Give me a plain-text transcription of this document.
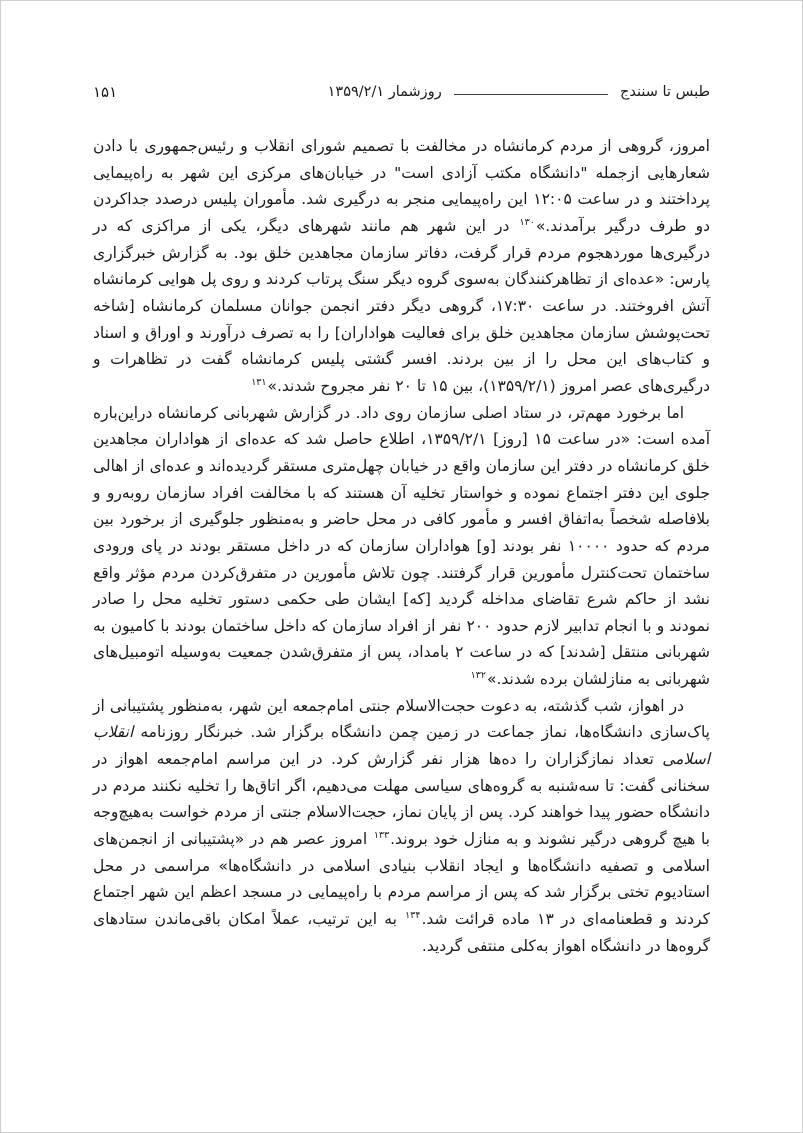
طبس تا سنندج
روزشمار ۱۳۵۹/۲/۱
۱۵۱

امروز، گروهی از مردم کرمانشاه در مخالفت با تصمیم شورای انقلاب و رئیس‌جمهوری با دادن شعارهایی ازجمله "دانشگاه مکتب آزادی است" در خیابان‌های مرکزی این شهر به راه‌پیمایی پرداختند و در ساعت ۱۲:۰۵ این راه‌پیمایی منجر به درگیری شد. مأموران پلیس درصدد جداکردن دو طرف درگیر برآمدند.»$^{۱۳۰}$ در این شهر هم مانند شهرهای دیگر، یکی از مراکزی که در درگیری‌ها موردهجوم مردم قرار گرفت، دفاتر سازمان مجاهدین خلق بود. به گزارش خبرگزاری پارس: «عده‌ای از تظاهرکنندگان به‌سوی گروه دیگر سنگ پرتاب کردند و روی پل هوایی کرمانشاه آتش افروختند. در ساعت ۱۷:۳۰، گروهی دیگر دفتر انجمن جوانان مسلمان کرمانشاه [شاخه تحت‌پوشش سازمان مجاهدین خلق برای فعالیت هواداران] را به تصرف درآورند و اوراق و اسناد و کتاب‌های این محل را از بین بردند. افسر گشتی پلیس کرمانشاه گفت در تظاهرات و درگیری‌های عصر امروز (۱۳۵۹/۲/۱)، بین ۱۵ تا ۲۰ نفر مجروح شدند.»$^{۱۳۱}$

اما برخورد مهم‌تر، در ستاد اصلی سازمان روی داد. در گزارش شهربانی کرمانشاه دراین‌باره آمده است: «در ساعت ۱۵ [روز] ۱۳۵۹/۲/۱، اطلاع حاصل شد که عده‌ای از هواداران مجاهدین خلق کرمانشاه در دفتر این سازمان واقع در خیابان چهل‌متری مستقر گردیده‌اند و عده‌ای از اهالی جلوی این دفتر اجتماع نموده و خواستار تخلیه آن هستند که با مخالفت افراد سازمان روبه‌رو و بلافاصله شخصاً به‌اتفاق افسر و مأمور کافی در محل حاضر و به‌منظور جلوگیری از برخورد بین مردم که حدود ۱۰۰۰۰ نفر بودند [و] هواداران سازمان که در داخل مستقر بودند در پای ورودی ساختمان تحت‌کنترل مأمورین قرار گرفتند. چون تلاش مأمورین در متفرق‌کردن مردم مؤثر واقع نشد از حاکم شرع تقاضای مداخله گردید [که] ایشان طی حکمی دستور تخلیه محل را صادر نمودند و با انجام تدابیر لازم حدود ۲۰۰ نفر از افراد سازمان که داخل ساختمان بودند با کامیون به شهربانی منتقل [شدند] که در ساعت ۲ بامداد، پس از متفرق‌شدن جمعیت به‌وسیله اتومبیل‌های شهربانی به منازلشان برده شدند.»$^{۱۳۲}$

در اهواز، شب گذشته، به دعوت حجت‌الاسلام جنتی امام‌جمعه این شهر، به‌منظور پشتیبانی از پاک‌سازی دانشگاه‌ها، نماز جماعت در زمین چمن دانشگاه برگزار شد. خبرنگار روزنامه انقلاب اسلامی تعداد نمازگزاران را ده‌ها هزار نفر گزارش کرد. در این مراسم امام‌جمعه اهواز در سخنانی گفت: تا سه‌شنبه به گروه‌های سیاسی مهلت می‌دهیم، اگر اتاق‌ها را تخلیه نکنند مردم در دانشگاه حضور پیدا خواهند کرد. پس از پایان نماز، حجت‌الاسلام جنتی از مردم خواست به‌هیچ‌وجه با هیچ گروهی درگیر نشوند و به منازل خود بروند.$^{۱۳۳}$ امروز عصر هم در «پشتیبانی از انجمن‌های اسلامی و تصفیه دانشگاه‌ها و ایجاد انقلاب بنیادی اسلامی در دانشگاه‌ها» مراسمی در محل استادیوم تختی برگزار شد که پس از مراسم مردم با راه‌پیمایی در مسجد اعظم این شهر اجتماع کردند و قطعنامه‌ای در ۱۳ ماده قرائت شد.$^{۱۳۴}$ به این ترتیب، عملاً امکان باقی‌ماندن ستادهای گروه‌ها در دانشگاه اهواز به‌کلی منتفی گردید.
